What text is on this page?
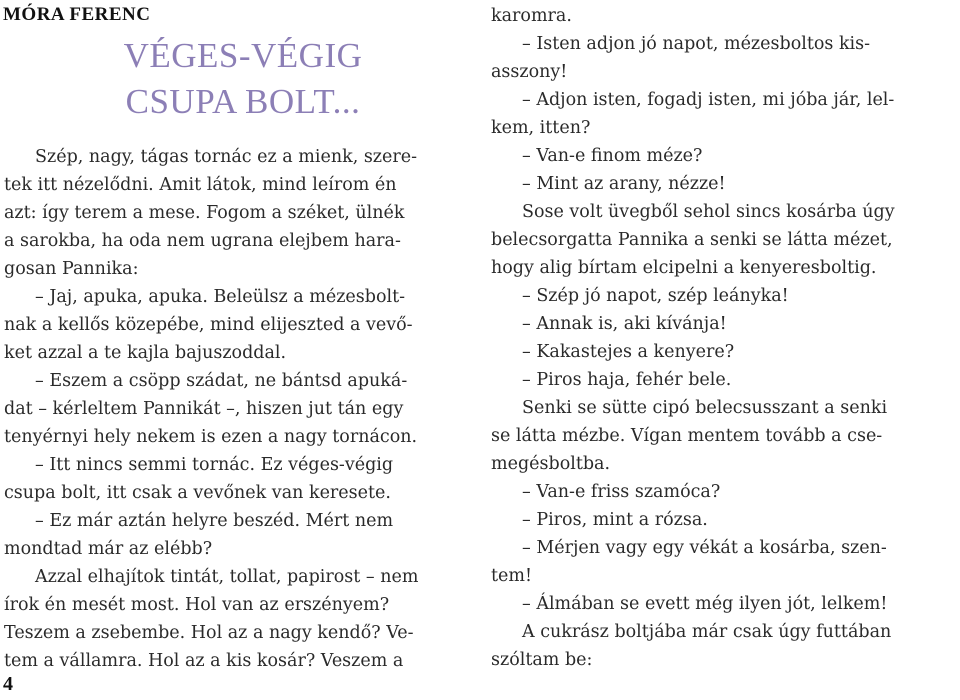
MÓRA FERENC
VÉGES-VÉGIG
CSUPA BOLT...
Szép, nagy, tágas tornác ez a mienk, szere-
tek itt nézelődni. Amit látok, mind leírom én
azt: így terem a mese. Fogom a széket, ülnék
a sarokba, ha oda nem ugrana elejbem hara-
gosan Pannika:
– Jaj, apuka, apuka. Beleülsz a mézesbolt-
nak a kellős közepébe, mind elijeszted a vevő-
ket azzal a te kajla bajuszoddal.
– Eszem a csöpp szádat, ne bántsd apuká-
dat – kérleltem Pannikát –, hiszen jut tán egy
tenyérnyi hely nekem is ezen a nagy tornácon.
– Itt nincs semmi tornác. Ez véges-végig
csupa bolt, itt csak a vevőnek van keresete.
– Ez már aztán helyre beszéd. Mért nem
mondtad már az elébb?
Azzal elhajítok tintát, tollat, papirost – nem
írok én mesét most. Hol van az erszényem?
Teszem a zsebembe. Hol az a nagy kendő? Ve-
tem a vállamra. Hol az a kis kosár? Veszem a
karomra.
– Isten adjon jó napot, mézesboltos kis-
asszony!
– Adjon isten, fogadj isten, mi jóba jár, lel-
kem, itten?
– Van-e finom méze?
– Mint az arany, nézze!
Sose volt üvegből sehol sincs kosárba úgy
belecsorgatta Pannika a senki se látta mézet,
hogy alig bírtam elcipelni a kenyeresboltig.
– Szép jó napot, szép leányka!
– Annak is, aki kívánja!
– Kakastejes a kenyere?
– Piros haja, fehér bele.
Senki se sütte cipó belecsusszant a senki
se látta mézbe. Vígan mentem tovább a cse-
megésboltba.
– Van-e friss szamóca?
– Piros, mint a rózsa.
– Mérjen vagy egy vékát a kosárba, szen-
tem!
– Álmában se evett még ilyen jót, lelkem!
A cukrász boltjába már csak úgy futtában
szóltam be:
4
